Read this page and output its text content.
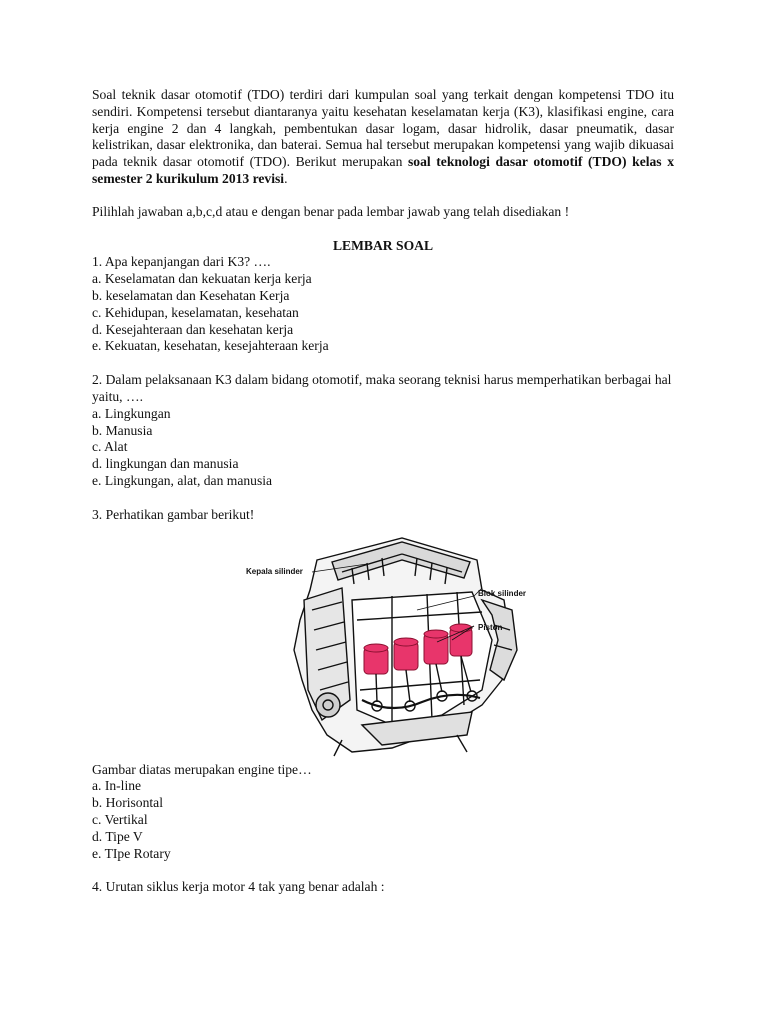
Soal teknik dasar otomotif (TDO) terdiri dari kumpulan soal yang terkait dengan kompetensi TDO itu sendiri. Kompetensi tersebut diantaranya yaitu kesehatan keselamatan kerja (K3), klasifikasi engine, cara kerja engine 2 dan 4 langkah, pembentukan dasar logam, dasar hidrolik, dasar pneumatik, dasar kelistrikan, dasar elektronika, dan baterai. Semua hal tersebut merupakan kompetensi yang wajib dikuasai pada teknik dasar otomotif (TDO). Berikut merupakan soal teknologi dasar otomotif (TDO) kelas x semester 2 kurikulum 2013 revisi.

Pilihlah jawaban a,b,c,d atau e dengan benar pada lembar jawab yang telah disediakan !

LEMBAR SOAL

1. Apa kepanjangan dari K3? ….

a. Keselamatan dan kekuatan kerja kerja

b. keselamatan dan Kesehatan Kerja

c. Kehidupan, keselamatan, kesehatan

d. Kesejahteraan dan kesehatan kerja

e. Kekuatan, kesehatan, kesejahteraan kerja

2. Dalam pelaksanaan K3 dalam bidang otomotif, maka seorang teknisi harus memperhatikan berbagai hal yaitu, ….

a. Lingkungan

b. Manusia

c. Alat

d. lingkungan dan manusia

e. Lingkungan, alat, dan manusia

3. Perhatikan gambar berikut!

Kepala silinder
Blok silinder
Piston

Gambar diatas merupakan engine tipe…

a. In-line

b. Horisontal

c. Vertikal

d. Tipe V

e. TIpe Rotary

4. Urutan siklus kerja motor 4 tak yang benar adalah :
